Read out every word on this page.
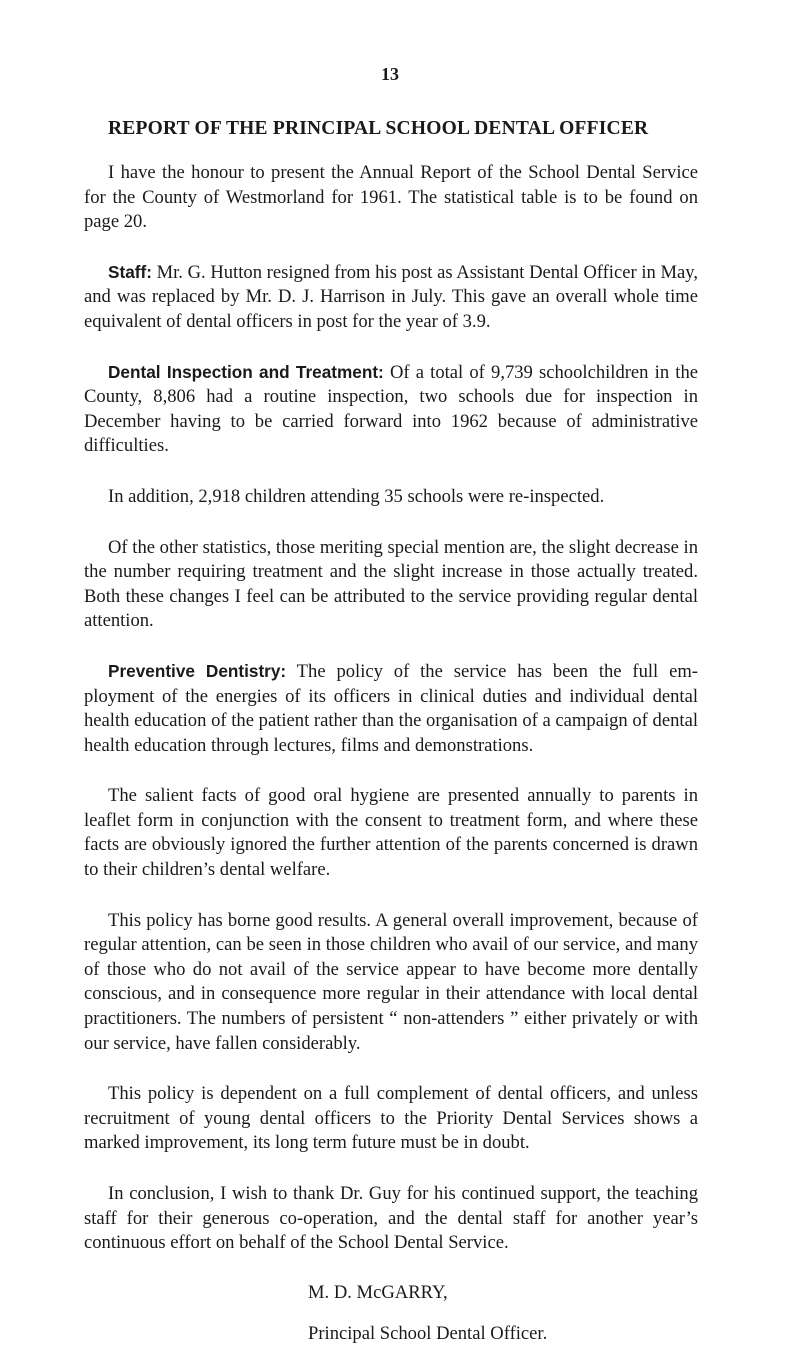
13
REPORT OF THE PRINCIPAL SCHOOL DENTAL OFFICER

I have the honour to present the Annual Report of the School Dental Service for the County of Westmorland for 1961. The statistical table is to be found on page 20.

Staff: Mr. G. Hutton resigned from his post as Assistant Dental Officer in May, and was replaced by Mr. D. J. Harrison in July. This gave an overall whole time equivalent of dental officers in post for the year of 3.9.

Dental Inspection and Treatment: Of a total of 9,739 schoolchildren in the County, 8,806 had a routine inspection, two schools due for inspection in December having to be carried forward into 1962 because of administrative difficulties.

In addition, 2,918 children attending 35 schools were re-inspected.

Of the other statistics, those meriting special mention are, the slight decrease in the number requiring treatment and the slight increase in those actually treated. Both these changes I feel can be attributed to the service providing regular dental attention.

Preventive Dentistry: The policy of the service has been the full em-ployment of the energies of its officers in clinical duties and individual dental health education of the patient rather than the organisation of a campaign of dental health education through lectures, films and demonstrations.

The salient facts of good oral hygiene are presented annually to parents in leaflet form in conjunction with the consent to treatment form, and where these facts are obviously ignored the further attention of the parents concerned is drawn to their children’s dental welfare.

This policy has borne good results. A general overall improvement, because of regular attention, can be seen in those children who avail of our service, and many of those who do not avail of the service appear to have become more dentally conscious, and in consequence more regular in their attendance with local dental practitioners. The numbers of persistent “ non-attenders ” either privately or with our service, have fallen considerably.

This policy is dependent on a full complement of dental officers, and unless recruitment of young dental officers to the Priority Dental Services shows a marked improvement, its long term future must be in doubt.

In conclusion, I wish to thank Dr. Guy for his continued support, the teaching staff for their generous co-operation, and the dental staff for another year’s continuous effort on behalf of the School Dental Service.

M. D. McGARRY,
Principal School Dental Officer.
